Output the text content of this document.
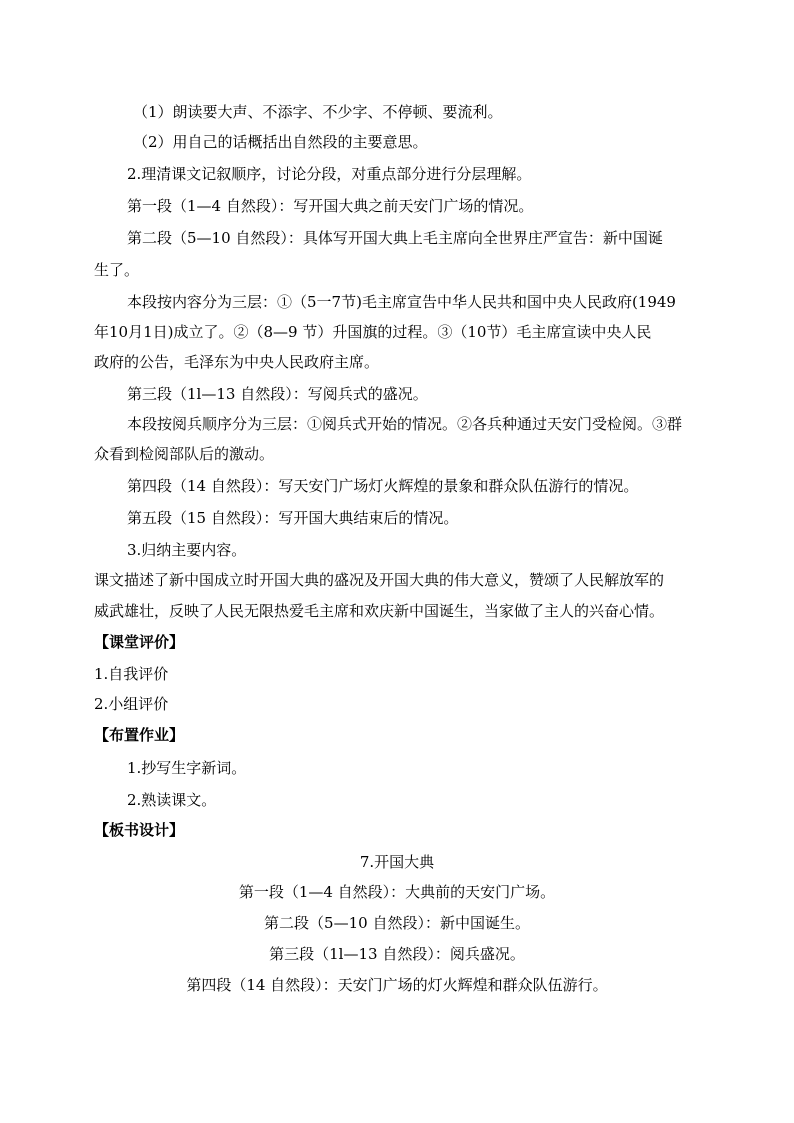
（1）朗读要大声、不添字、不少字、不停顿、要流利。
（2）用自己的话概括出自然段的主要意思。
2.理清课文记叙顺序，讨论分段，对重点部分进行分层理解。
第一段（1—4 自然段）：写开国大典之前天安门广场的情况。
第二段（5—10 自然段）：具体写开国大典上毛主席向全世界庄严宣告：新中国诞
生了。
本段按内容分为三层：①（5一7节)毛主席宣告中华人民共和国中央人民政府(1949
年10月1日)成立了。②（8—9 节）升国旗的过程。③（10节）毛主席宣读中央人民
政府的公告，毛泽东为中央人民政府主席。
第三段（1l—13 自然段）：写阅兵式的盛况。
本段按阅兵顺序分为三层：①阅兵式开始的情况。②各兵种通过天安门受检阅。③群
众看到检阅部队后的激动。
第四段（14 自然段）：写天安门广场灯火辉煌的景象和群众队伍游行的情况。
第五段（15 自然段）：写开国大典结束后的情况。
3.归纳主要内容。
课文描述了新中国成立时开国大典的盛况及开国大典的伟大意义，赞颂了人民解放军的
威武雄壮，反映了人民无限热爱毛主席和欢庆新中国诞生，当家做了主人的兴奋心情。
【课堂评价】
1.自我评价
2.小组评价
【布置作业】
1.抄写生字新词。
2.熟读课文。
【板书设计】
7.开国大典
第一段（1—4 自然段）：大典前的天安门广场。
第二段（5—10 自然段）：新中国诞生。
第三段（1l—13 自然段）：阅兵盛况。
第四段（14 自然段）：天安门广场的灯火辉煌和群众队伍游行。
